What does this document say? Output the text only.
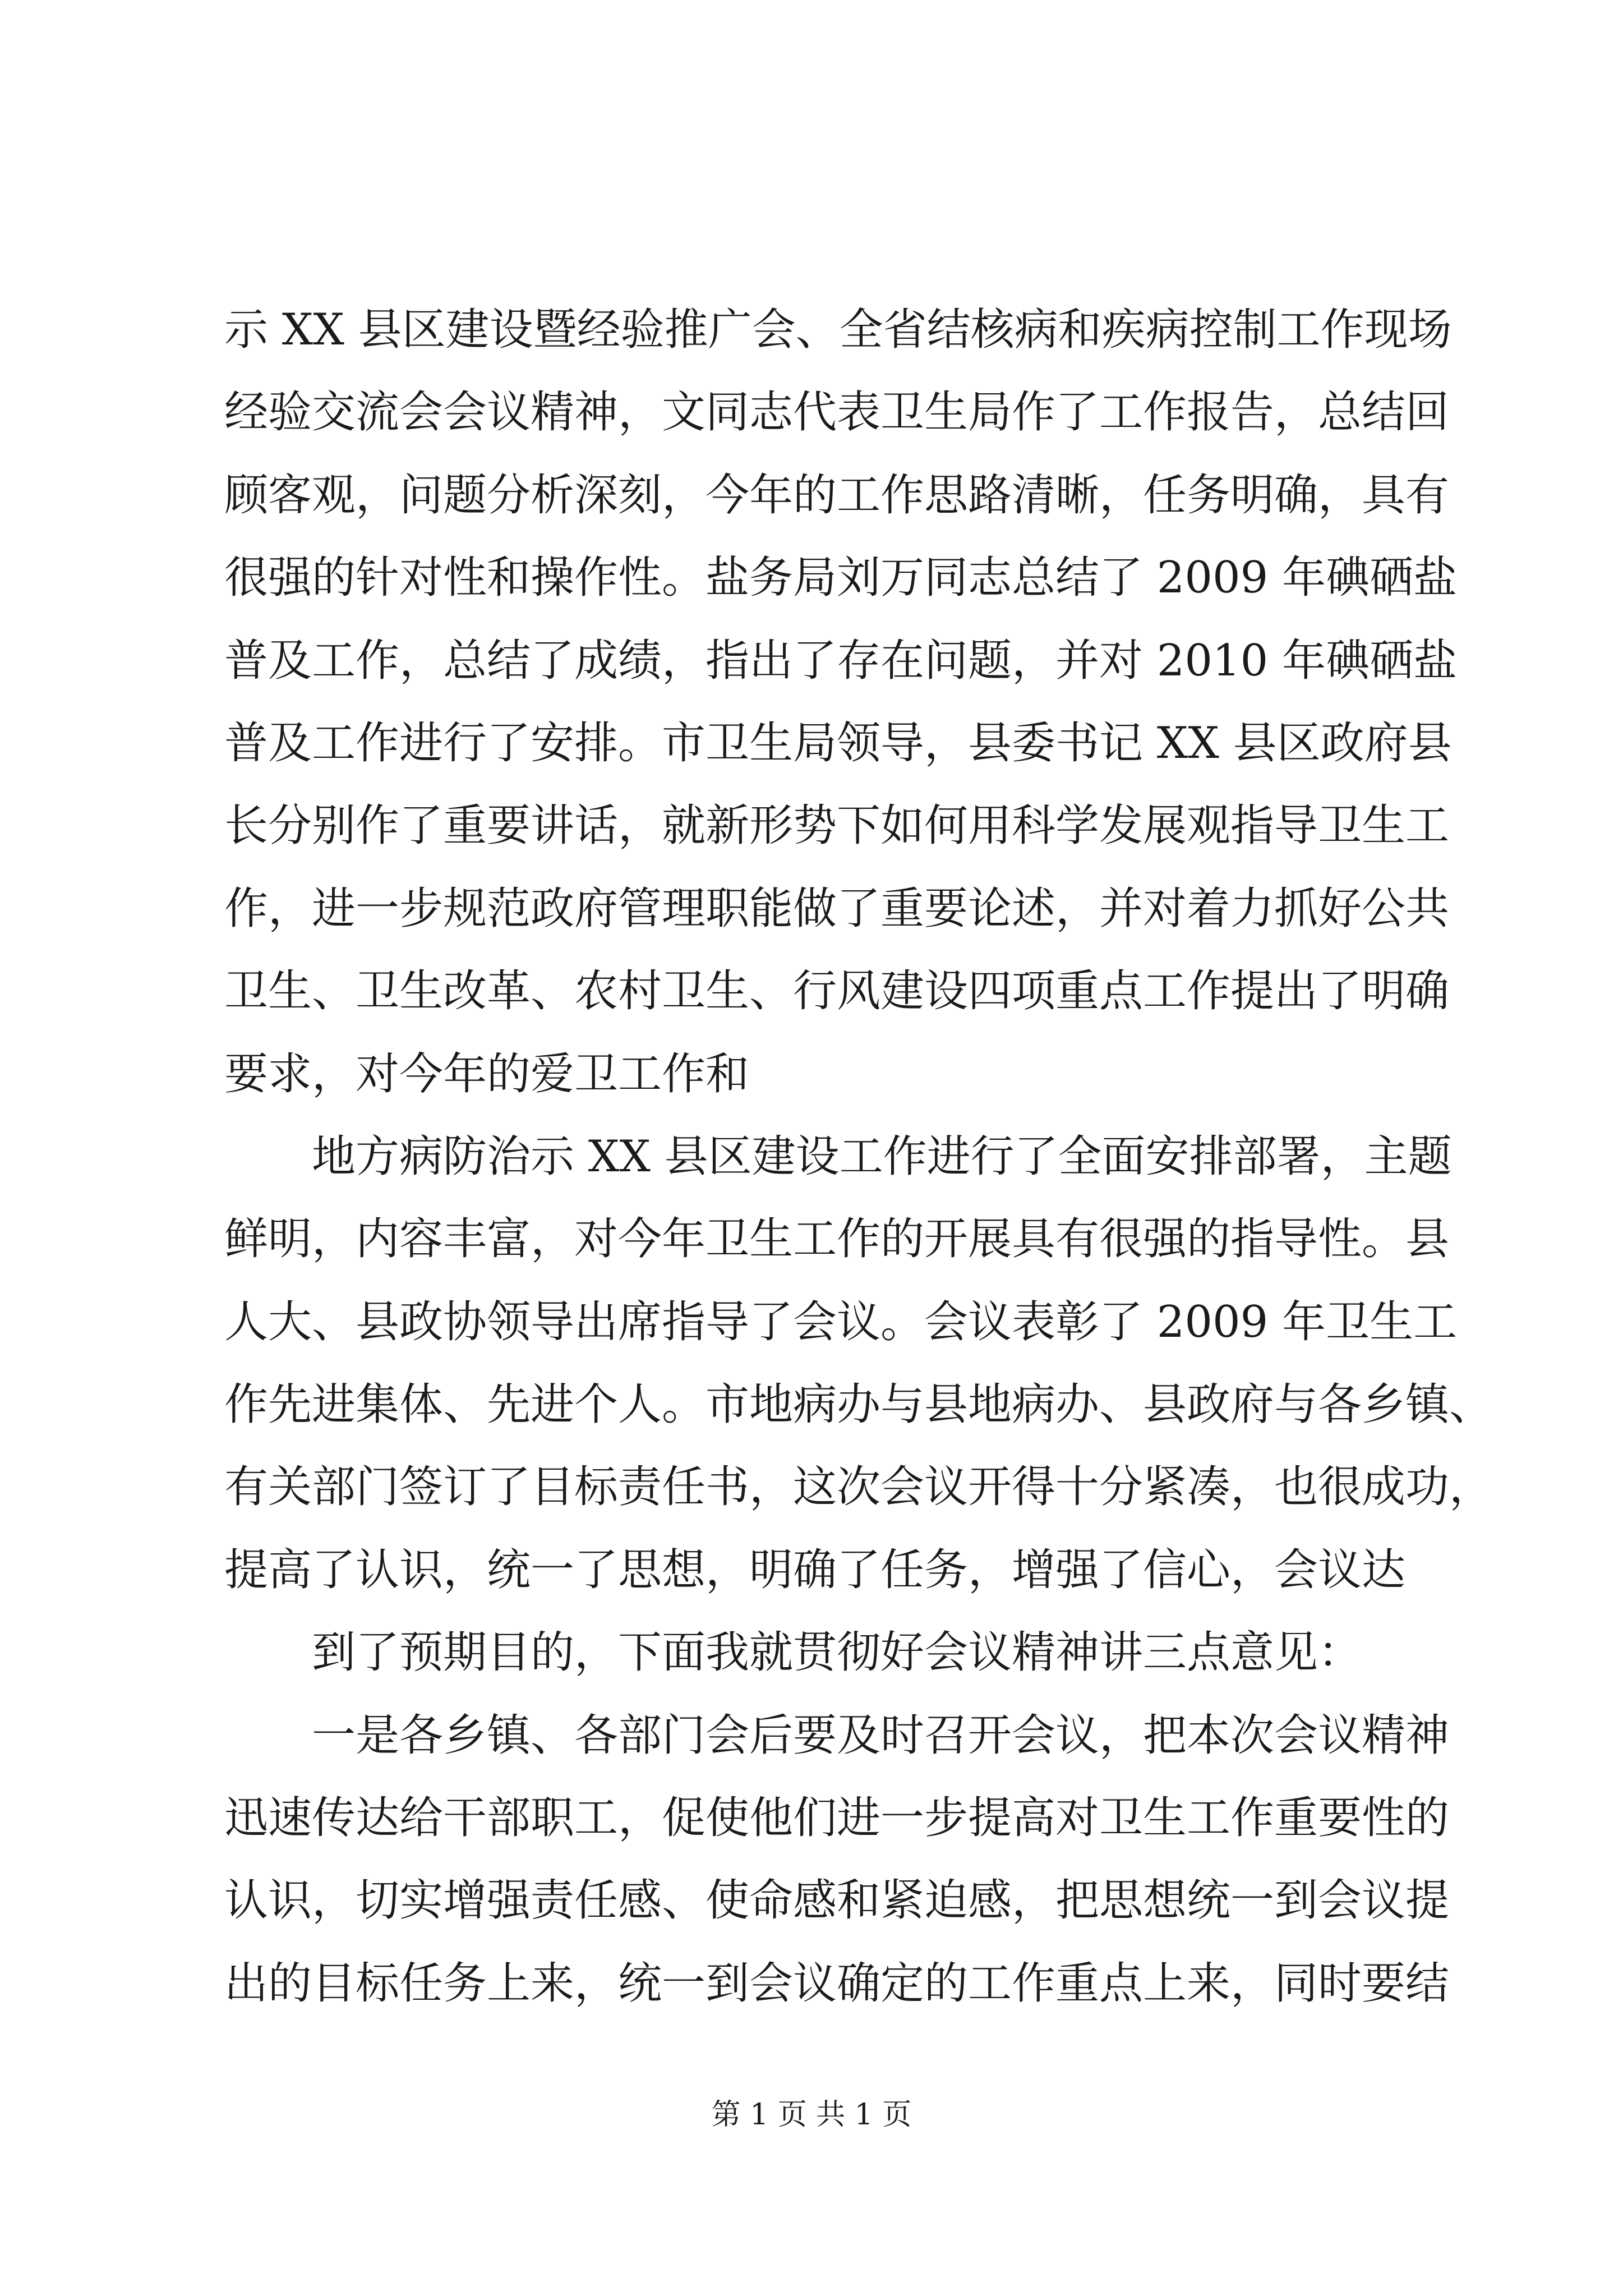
示 XX 县区建设暨经验推广会、全省结核病和疾病控制工作现场
经验交流会会议精神，文同志代表卫生局作了工作报告，总结回
顾客观，问题分析深刻，今年的工作思路清晰，任务明确，具有
很强的针对性和操作性。盐务局刘万同志总结了 2009 年碘硒盐
普及工作，总结了成绩，指出了存在问题，并对 2010 年碘硒盐
普及工作进行了安排。市卫生局领导，县委书记 XX 县区政府县
长分别作了重要讲话，就新形势下如何用科学发展观指导卫生工
作，进一步规范政府管理职能做了重要论述，并对着力抓好公共
卫生、卫生改革、农村卫生、行风建设四项重点工作提出了明确
要求，对今年的爱卫工作和
地方病防治示 XX 县区建设工作进行了全面安排部署，主题
鲜明，内容丰富，对今年卫生工作的开展具有很强的指导性。县
人大、县政协领导出席指导了会议。会议表彰了 2009 年卫生工
作先进集体、先进个人。市地病办与县地病办、县政府与各乡镇、
有关部门签订了目标责任书，这次会议开得十分紧凑，也很成功，
提高了认识，统一了思想，明确了任务，增强了信心，会议达
到了预期目的，下面我就贯彻好会议精神讲三点意见：
一是各乡镇、各部门会后要及时召开会议，把本次会议精神
迅速传达给干部职工，促使他们进一步提高对卫生工作重要性的
认识，切实增强责任感、使命感和紧迫感，把思想统一到会议提
出的目标任务上来，统一到会议确定的工作重点上来，同时要结
第 1 页 共 1 页
